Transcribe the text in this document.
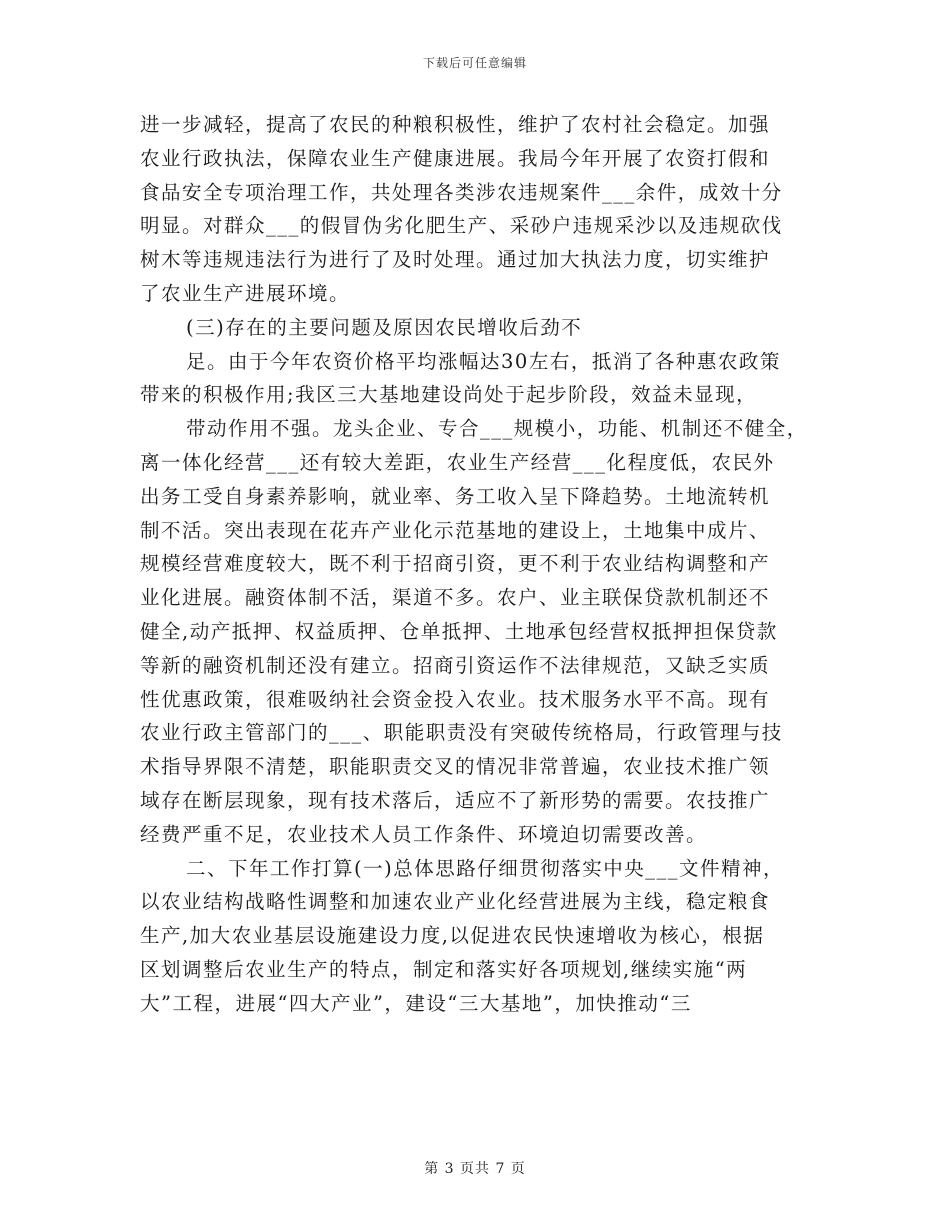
下载后可任意编辑
进一步减轻，提高了农民的种粮积极性，维护了农村社会稳定。加强
农业行政执法，保障农业生产健康进展。我局今年开展了农资打假和
食品安全专项治理工作，共处理各类涉农违规案件___余件，成效十分
明显。对群众___的假冒伪劣化肥生产、采砂户违规采沙以及违规砍伐
树木等违规违法行为进行了及时处理。通过加大执法力度，切实维护
了农业生产进展环境。
(三)存在的主要问题及原因农民增收后劲不
足。由于今年农资价格平均涨幅达30左右，抵消了各种惠农政策
带来的积极作用;我区三大基地建设尚处于起步阶段，效益未显现，
带动作用不强。龙头企业、专合___规模小，功能、机制还不健全，
离一体化经营___还有较大差距，农业生产经营___化程度低，农民外
出务工受自身素养影响，就业率、务工收入呈下降趋势。土地流转机
制不活。突出表现在花卉产业化示范基地的建设上，土地集中成片、
规模经营难度较大，既不利于招商引资，更不利于农业结构调整和产
业化进展。融资体制不活，渠道不多。农户、业主联保贷款机制还不
健全,动产抵押、权益质押、仓单抵押、土地承包经营权抵押担保贷款
等新的融资机制还没有建立。招商引资运作不法律规范，又缺乏实质
性优惠政策，很难吸纳社会资金投入农业。技术服务水平不高。现有
农业行政主管部门的___、职能职责没有突破传统格局，行政管理与技
术指导界限不清楚，职能职责交叉的情况非常普遍，农业技术推广领
域存在断层现象，现有技术落后，适应不了新形势的需要。农技推广
经费严重不足，农业技术人员工作条件、环境迫切需要改善。
二、下年工作打算(一)总体思路仔细贯彻落实中央___文件精神，
以农业结构战略性调整和加速农业产业化经营进展为主线，稳定粮食
生产,加大农业基层设施建设力度,以促进农民快速增收为核心，根据
区划调整后农业生产的特点，制定和落实好各项规划,继续实施“两
大”工程，进展“四大产业”，建设“三大基地”，加快推动“三
第 3 页共 7 页
